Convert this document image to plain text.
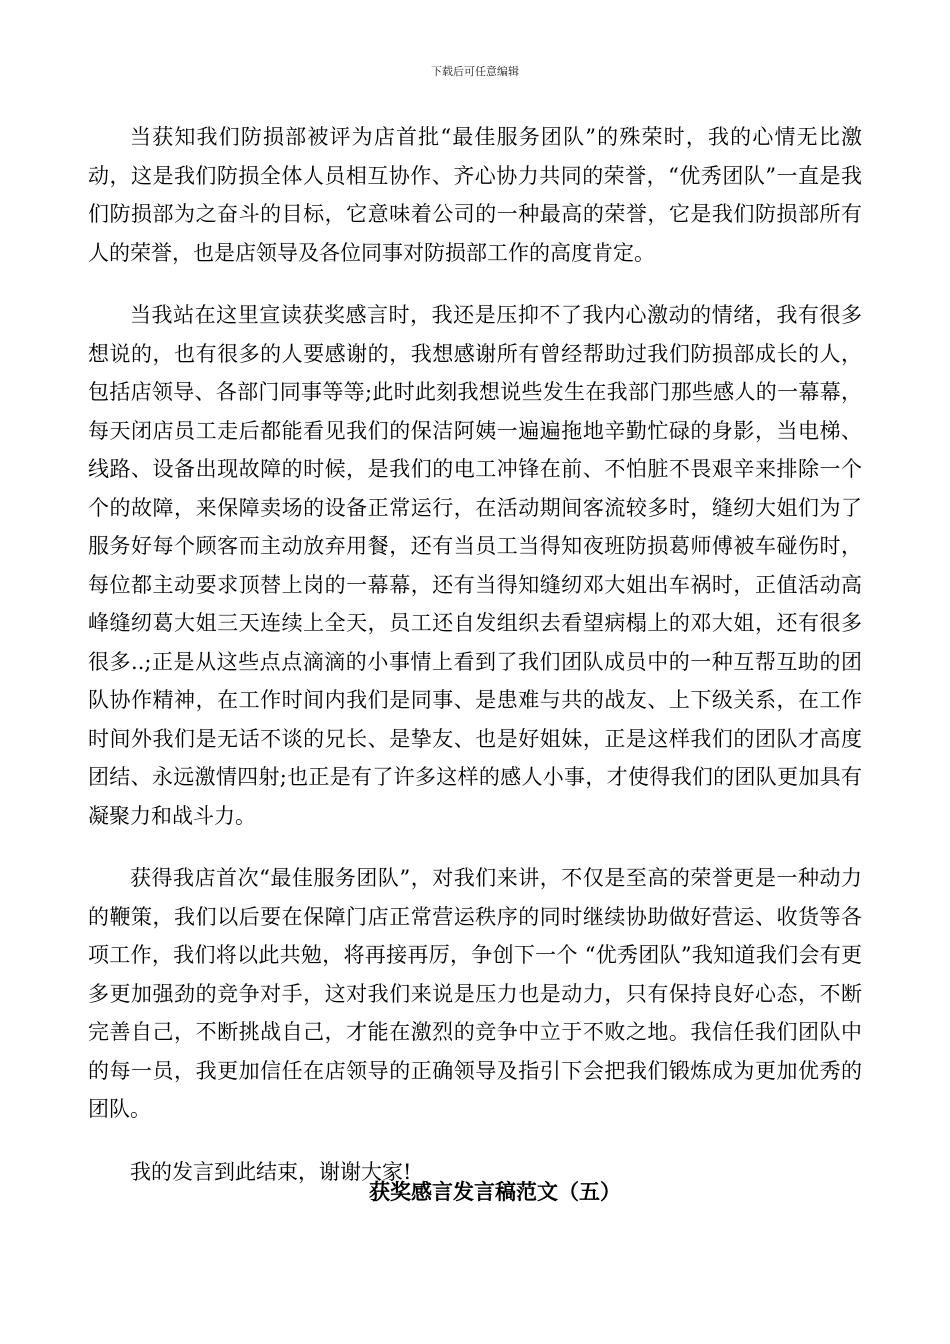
下载后可任意编辑

当获知我们防损部被评为店首批“最佳服务团队”的殊荣时，我的心情无比激动，这是我们防损全体人员相互协作、齐心协力共同的荣誉，“优秀团队”一直是我们防损部为之奋斗的目标，它意味着公司的一种最高的荣誉，它是我们防损部所有人的荣誉，也是店领导及各位同事对防损部工作的高度肯定。

当我站在这里宣读获奖感言时，我还是压抑不了我内心激动的情绪，我有很多想说的，也有很多的人要感谢的，我想感谢所有曾经帮助过我们防损部成长的人，包括店领导、各部门同事等等;此时此刻我想说些发生在我部门那些感人的一幕幕，每天闭店员工走后都能看见我们的保洁阿姨一遍遍拖地辛勤忙碌的身影，当电梯、线路、设备出现故障的时候，是我们的电工冲锋在前、不怕脏不畏艰辛来排除一个个的故障，来保障卖场的设备正常运行，在活动期间客流较多时，缝纫大姐们为了服务好每个顾客而主动放弃用餐，还有当员工当得知夜班防损葛师傅被车碰伤时，每位都主动要求顶替上岗的一幕幕，还有当得知缝纫邓大姐出车祸时，正值活动高峰缝纫葛大姐三天连续上全天，员工还自发组织去看望病榻上的邓大姐，还有很多很多..;正是从这些点点滴滴的小事情上看到了我们团队成员中的一种互帮互助的团队协作精神，在工作时间内我们是同事、是患难与共的战友、上下级关系，在工作时间外我们是无话不谈的兄长、是挚友、也是好姐妹，正是这样我们的团队才高度团结、永远激情四射;也正是有了许多这样的感人小事，才使得我们的团队更加具有凝聚力和战斗力。

获得我店首次“最佳服务团队”，对我们来讲，不仅是至高的荣誉更是一种动力的鞭策，我们以后要在保障门店正常营运秩序的同时继续协助做好营运、收货等各项工作，我们将以此共勉，将再接再厉，争创下一个 “优秀团队”我知道我们会有更多更加强劲的竞争对手，这对我们来说是压力也是动力，只有保持良好心态，不断完善自己，不断挑战自己，才能在激烈的竞争中立于不败之地。我信任我们团队中的每一员，我更加信任在店领导的正确领导及指引下会把我们锻炼成为更加优秀的团队。

我的发言到此结束，谢谢大家!

获奖感言发言稿范文（五）
